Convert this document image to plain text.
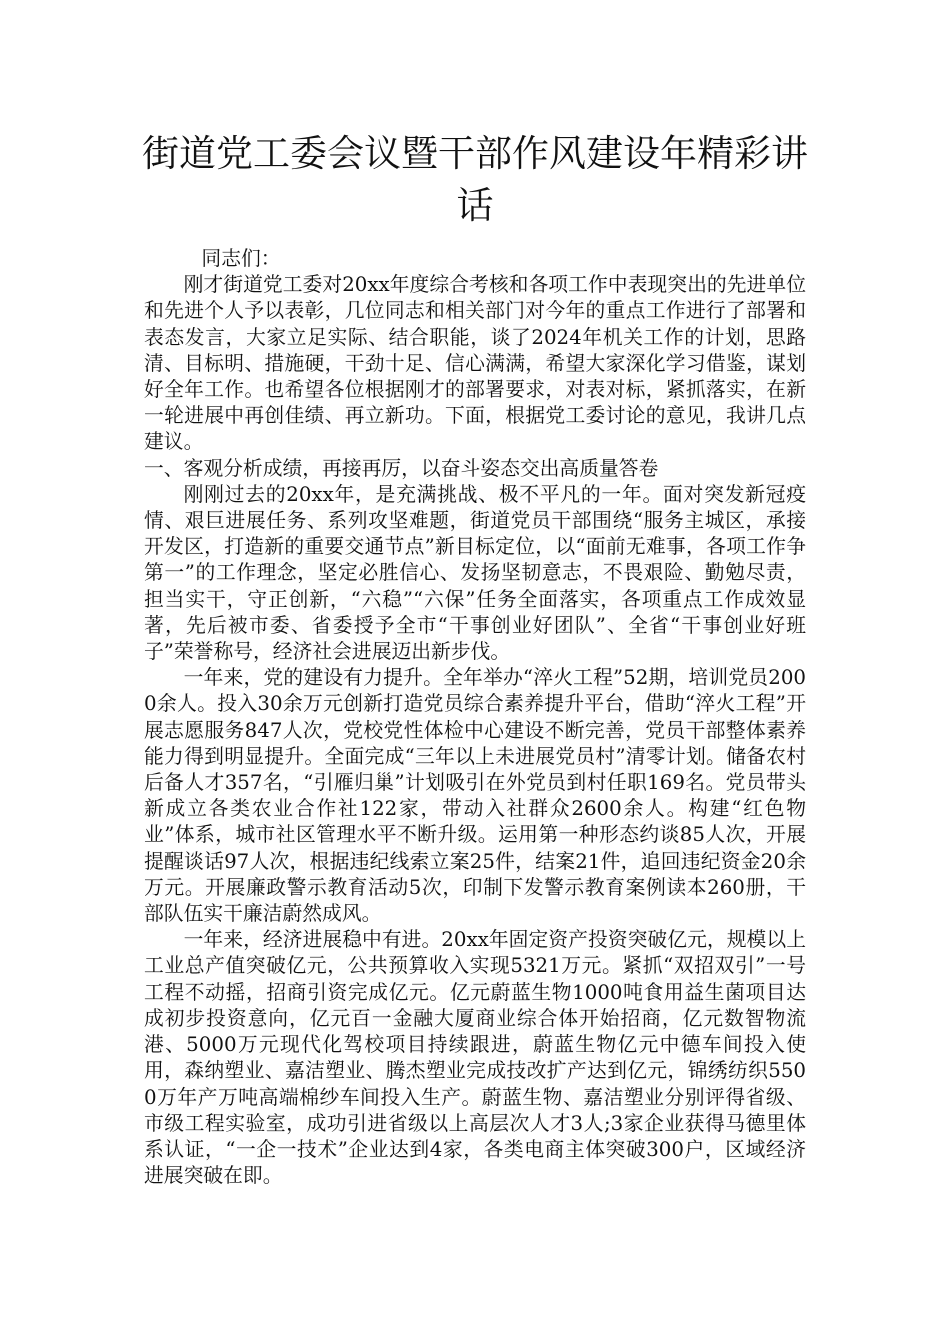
街道党工委会议暨干部作风建设年精彩讲话

同志们：

刚才街道党工委对20xx年度综合考核和各项工作中表现突出的先进单位和先进个人予以表彰，几位同志和相关部门对今年的重点工作进行了部署和表态发言，大家立足实际、结合职能，谈了2024年机关工作的计划，思路清、目标明、措施硬，干劲十足、信心满满，希望大家深化学习借鉴，谋划好全年工作。也希望各位根据刚才的部署要求，对表对标，紧抓落实，在新一轮进展中再创佳绩、再立新功。下面，根据党工委讨论的意见，我讲几点建议。

一、客观分析成绩，再接再厉，以奋斗姿态交出高质量答卷

刚刚过去的20xx年，是充满挑战、极不平凡的一年。面对突发新冠疫情、艰巨进展任务、系列攻坚难题，街道党员干部围绕“服务主城区，承接开发区，打造新的重要交通节点”新目标定位，以“面前无难事，各项工作争第一”的工作理念，坚定必胜信心、发扬坚韧意志，不畏艰险、勤勉尽责，担当实干，守正创新，“六稳”“六保”任务全面落实，各项重点工作成效显著，先后被市委、省委授予全市“干事创业好团队”、全省“干事创业好班子”荣誉称号，经济社会进展迈出新步伐。

一年来，党的建设有力提升。全年举办“淬火工程”52期，培训党员2000余人。投入30余万元创新打造党员综合素养提升平台，借助“淬火工程”开展志愿服务847人次，党校党性体检中心建设不断完善，党员干部整体素养能力得到明显提升。全面完成“三年以上未进展党员村”清零计划。储备农村后备人才357名，“引雁归巢”计划吸引在外党员到村任职169名。党员带头新成立各类农业合作社122家，带动入社群众2600余人。构建“红色物业”体系，城市社区管理水平不断升级。运用第一种形态约谈85人次，开展提醒谈话97人次，根据违纪线索立案25件，结案21件，追回违纪资金20余万元。开展廉政警示教育活动5次，印制下发警示教育案例读本260册，干部队伍实干廉洁蔚然成风。

一年来，经济进展稳中有进。20xx年固定资产投资突破亿元，规模以上工业总产值突破亿元，公共预算收入实现5321万元。紧抓“双招双引”一号工程不动摇，招商引资完成亿元。亿元蔚蓝生物1000吨食用益生菌项目达成初步投资意向，亿元百一金融大厦商业综合体开始招商，亿元数智物流港、5000万元现代化驾校项目持续跟进，蔚蓝生物亿元中德车间投入使用，森纳塑业、嘉洁塑业、腾杰塑业完成技改扩产达到亿元，锦绣纺织5500万年产万吨高端棉纱车间投入生产。蔚蓝生物、嘉洁塑业分别评得省级、市级工程实验室，成功引进省级以上高层次人才3人;3家企业获得马德里体系认证，“一企一技术”企业达到4家，各类电商主体突破300户，区域经济进展突破在即。
